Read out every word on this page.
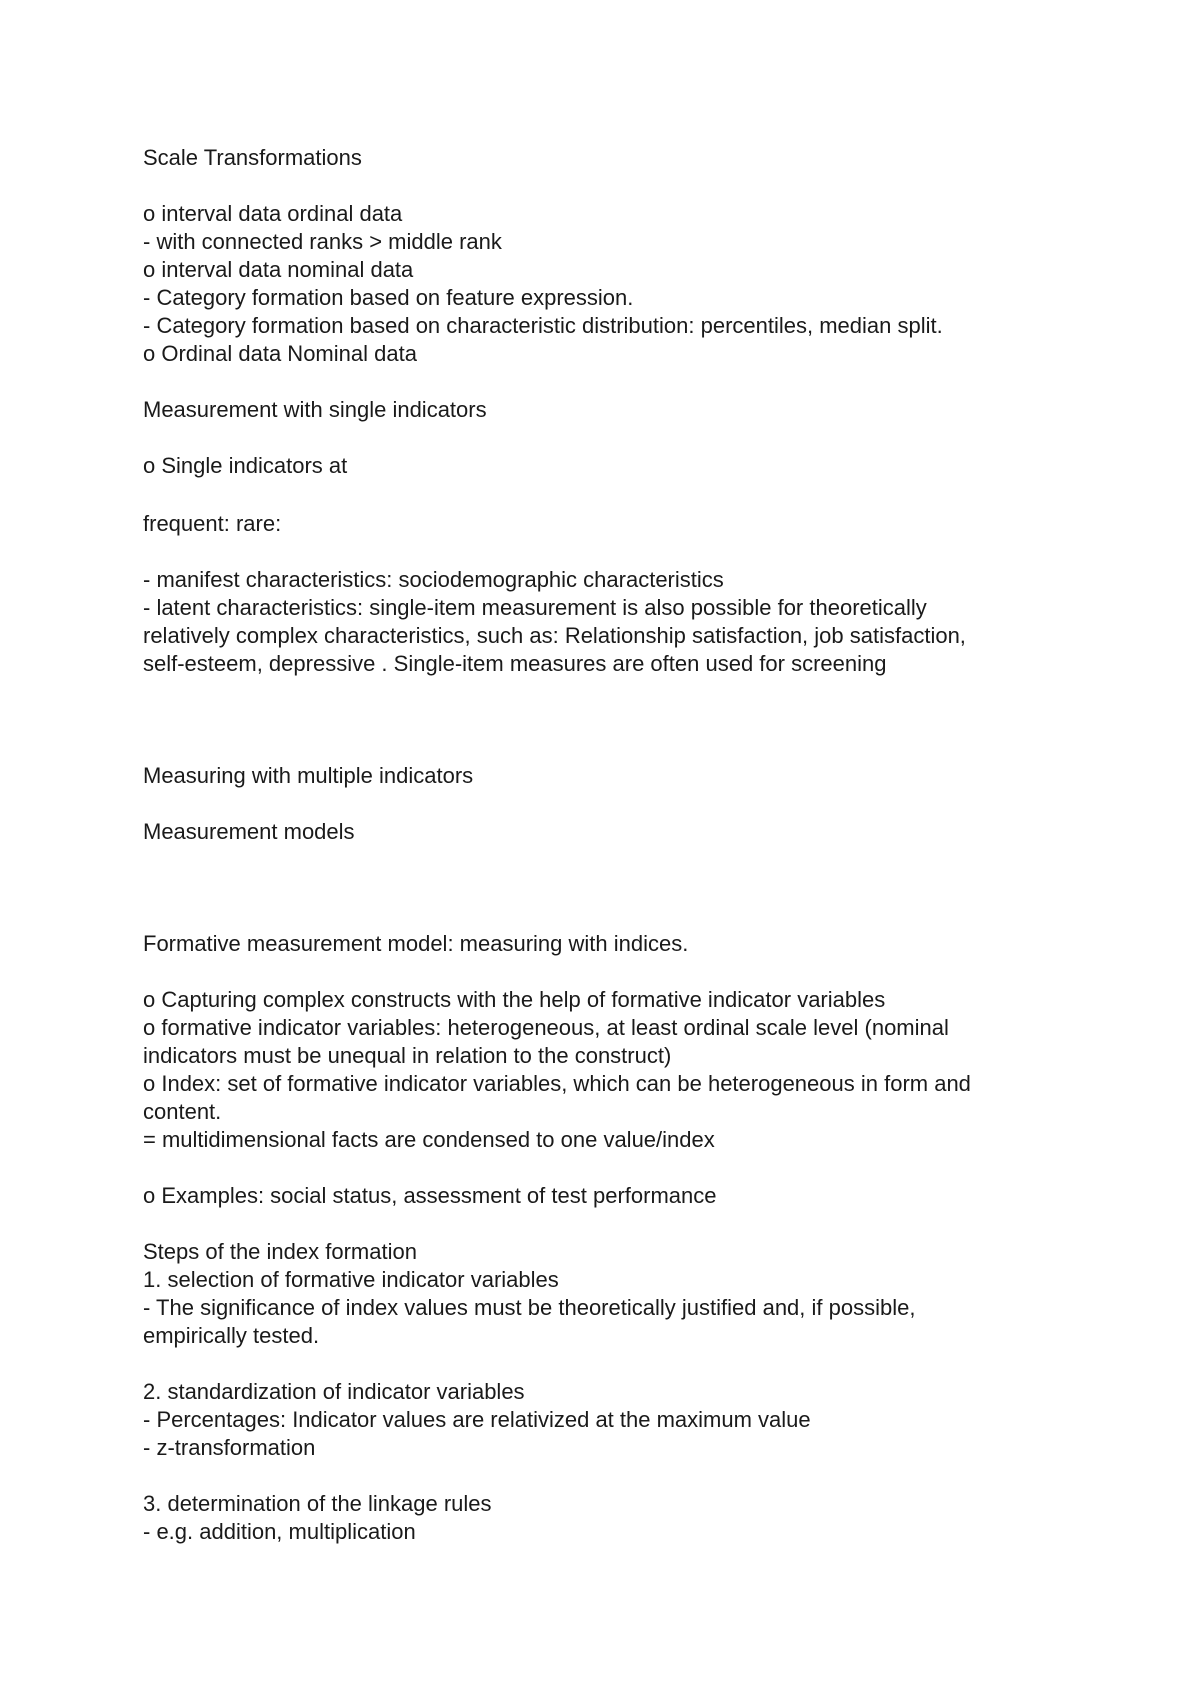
Scale Transformations

o interval data ordinal data

- with connected ranks > middle rank

o interval data nominal data

- Category formation based on feature expression.

- Category formation based on characteristic distribution: percentiles, median split.

o Ordinal data Nominal data

Measurement with single indicators

o Single indicators at

frequent: rare:

- manifest characteristics: sociodemographic characteristics

- latent characteristics: single-item measurement is also possible for theoretically

relatively complex characteristics, such as: Relationship satisfaction, job satisfaction,

self-esteem, depressive . Single-item measures are often used for screening

Measuring with multiple indicators

Measurement models

Formative measurement model: measuring with indices.

o Capturing complex constructs with the help of formative indicator variables

o formative indicator variables: heterogeneous, at least ordinal scale level (nominal

indicators must be unequal in relation to the construct)

o Index: set of formative indicator variables, which can be heterogeneous in form and

content.

= multidimensional facts are condensed to one value/index

o Examples: social status, assessment of test performance

Steps of the index formation

1. selection of formative indicator variables

- The significance of index values must be theoretically justified and, if possible,

empirically tested.

2. standardization of indicator variables

- Percentages: Indicator values are relativized at the maximum value

- z-transformation

3. determination of the linkage rules

- e.g. addition, multiplication
